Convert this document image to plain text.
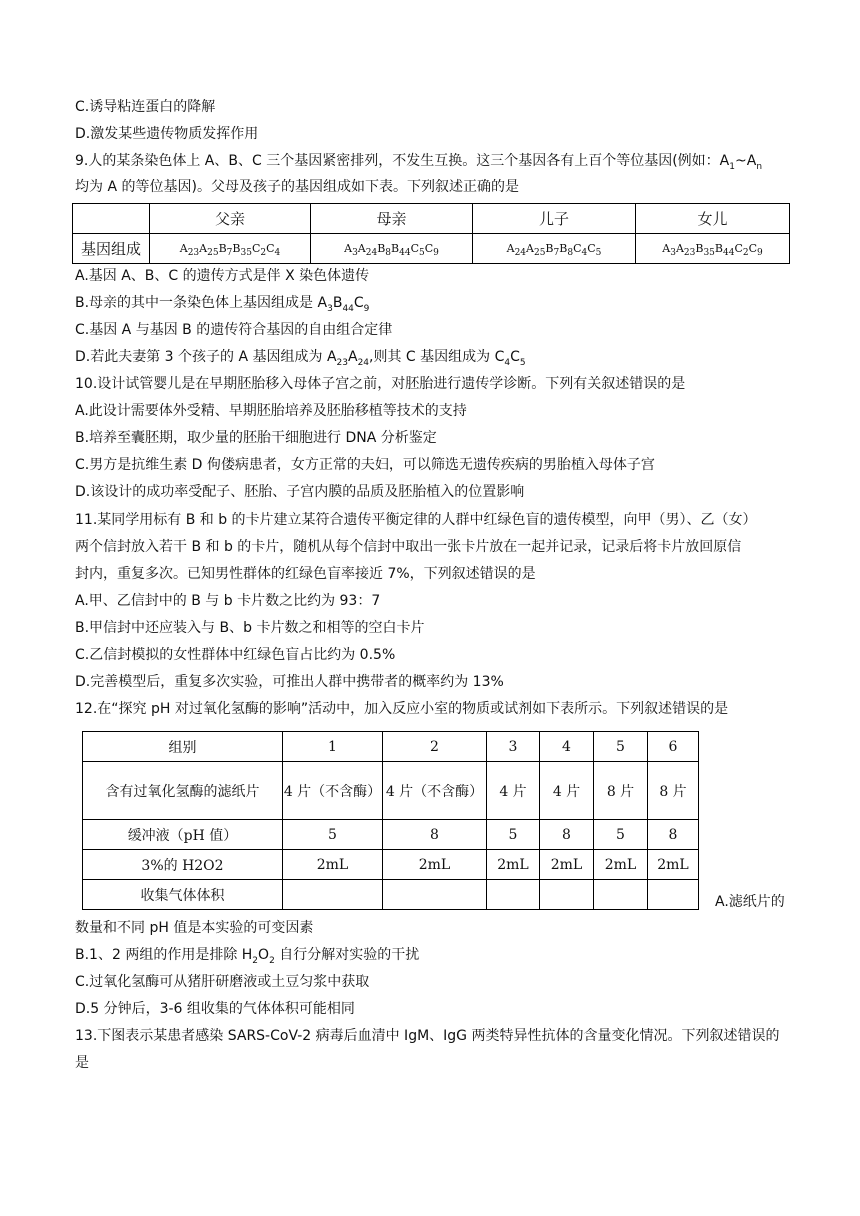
C.诱导粘连蛋白的降解
D.激发某些遗传物质发挥作用
9.人的某条染色体上 A、B、C 三个基因紧密排列，不发生互换。这三个基因各有上百个等位基因(例如：$A_1\sim A_n$
均为 A 的等位基因)。父母及孩子的基因组成如下表。下列叙述正确的是
	父亲	母亲	儿子	女儿
基因组成	$A_{23}A_{25}B_7B_{35}C_2C_4$	$A_3A_{24}B_8B_{44}C_5C_9$	$A_{24}A_{25}B_7B_8C_4C_5$	$A_3A_{23}B_{35}B_{44}C_2C_9$
A.基因 A、B、C 的遗传方式是伴 X 染色体遗传
B.母亲的其中一条染色体上基因组成是 $A_3B_{44}C_9$
C.基因 A 与基因 B 的遗传符合基因的自由组合定律
D.若此夫妻第 3 个孩子的 A 基因组成为 $A_{23}A_{24}$,则其 C 基因组成为 $C_4C_5$
10.设计试管婴儿是在早期胚胎移入母体子宫之前，对胚胎进行遗传学诊断。下列有关叙述错误的是
A.此设计需要体外受精、早期胚胎培养及胚胎移植等技术的支持
B.培养至囊胚期，取少量的胚胎干细胞进行 DNA 分析鉴定
C.男方是抗维生素 D 佝偻病患者，女方正常的夫妇，可以筛选无遗传疾病的男胎植入母体子宫
D.该设计的成功率受配子、胚胎、子宫内膜的品质及胚胎植入的位置影响
11.某同学用标有 B 和 b 的卡片建立某符合遗传平衡定律的人群中红绿色盲的遗传模型，向甲（男）、乙（女）
两个信封放入若干 B 和 b 的卡片，随机从每个信封中取出一张卡片放在一起并记录，记录后将卡片放回原信
封内，重复多次。已知男性群体的红绿色盲率接近 7%，下列叙述错误的是
A.甲、乙信封中的 B 与 b 卡片数之比约为 93：7
B.甲信封中还应装入与 B、b 卡片数之和相等的空白卡片
C.乙信封模拟的女性群体中红绿色盲占比约为 0.5%
D.完善模型后，重复多次实验，可推出人群中携带者的概率约为 13%
12.在“探究 pH 对过氧化氢酶的影响”活动中，加入反应小室的物质或试剂如下表所示。下列叙述错误的是
组别	1	2	3	4	5	6
含有过氧化氢酶的滤纸片	4 片（不含酶）	4 片（不含酶）	4 片	4 片	8 片	8 片
缓冲液（pH 值）	5	8	5	8	5	8
3%的 H2O2	2mL	2mL	2mL	2mL	2mL	2mL
收集气体体积							A.滤纸片的
数量和不同 pH 值是本实验的可变因素
B.1、2 两组的作用是排除 $H_2O_2$ 自行分解对实验的干扰
C.过氧化氢酶可从猪肝研磨液或土豆匀浆中获取
D.5 分钟后，3-6 组收集的气体体积可能相同
13.下图表示某患者感染 SARS-CoV-2 病毒后血清中 IgM、IgG 两类特异性抗体的含量变化情况。下列叙述错误的
是
